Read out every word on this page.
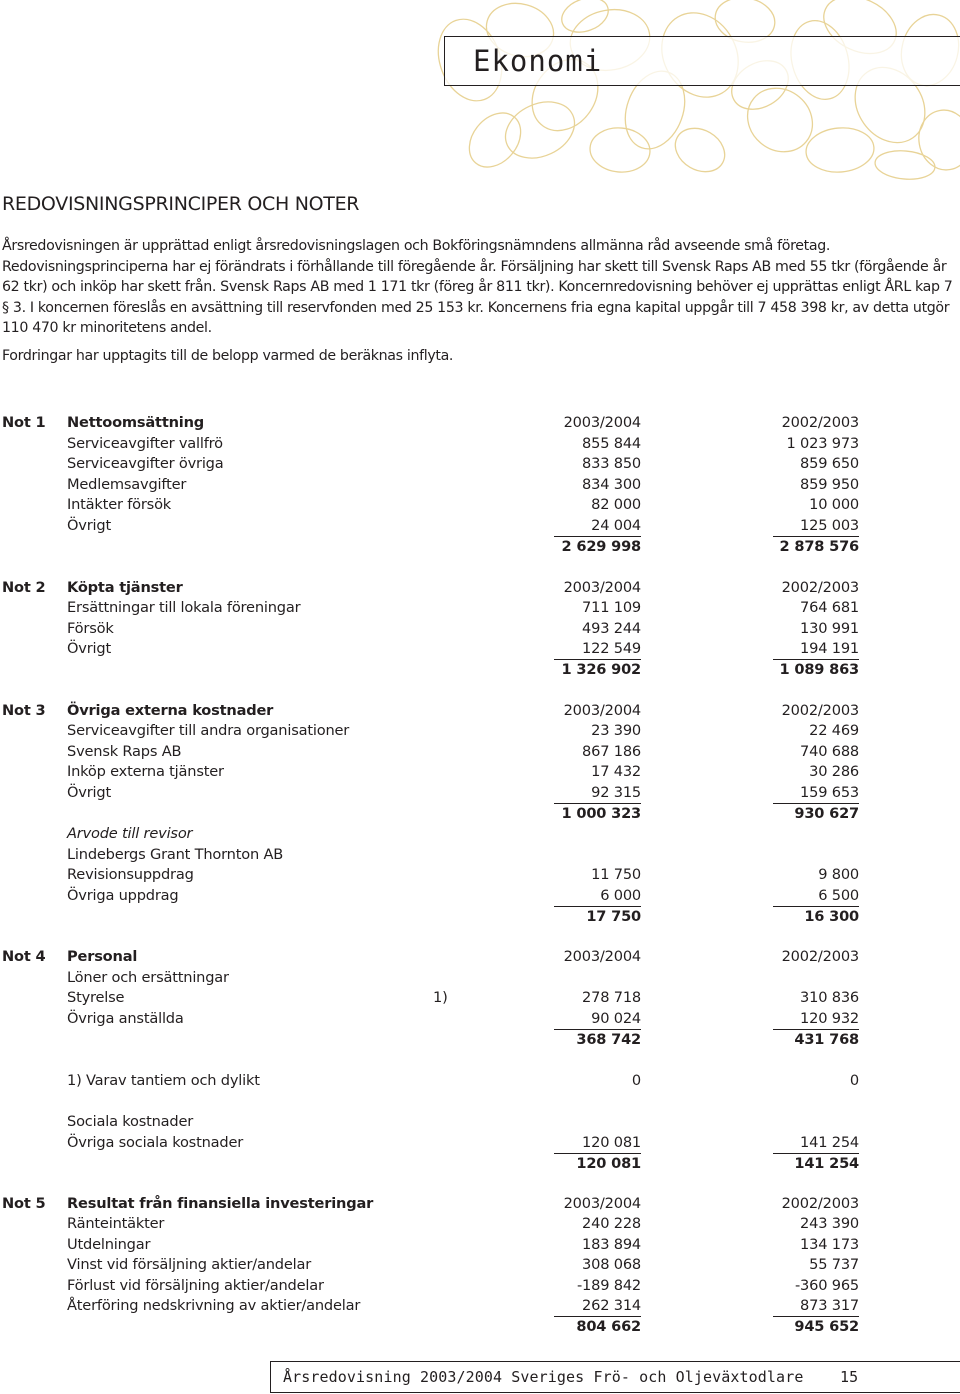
Ekonomi
REDOVISNINGSPRINCIPER OCH NOTER

Årsredovisningen är upprättad enligt årsredovisningslagen och Bokföringsnämndens allmänna råd avseende små företag. Redovisningsprinciperna har ej förändrats i förhållande till föregående år. Försäljning har skett till Svensk Raps AB med 55 tkr (förgående år 62 tkr) och inköp har skett från. Svensk Raps AB med 1 171 tkr (föreg år 811 tkr). Koncernredovisning behöver ej upprättas enligt ÅRL kap 7 § 3. I koncernen föreslås en avsättning till reservfonden med 25 153 kr. Koncernens fria egna kapital uppgår till 7 458 398 kr, av detta utgör 110 470 kr minoritetens andel.

Fordringar har upptagits till de belopp varmed de beräknas inflyta.

Not 1 Nettoomsättning	2003/2004	2002/2003
Serviceavgifter vallfrö	855 844	1 023 973
Serviceavgifter övriga	833 850	859 650
Medlemsavgifter	834 300	859 950
Intäkter försök	82 000	10 000
Övrigt	24 004	125 003
2 629 998	2 878 576
Not 2 Köpta tjänster	2003/2004	2002/2003
Ersättningar till lokala föreningar	711 109	764 681
Försök	493 244	130 991
Övrigt	122 549	194 191
1 326 902	1 089 863
Not 3 Övriga externa kostnader	2003/2004	2002/2003
Serviceavgifter till andra organisationer	23 390	22 469
Svensk Raps AB	867 186	740 688
Inköp externa tjänster	17 432	30 286
Övrigt	92 315	159 653
1 000 323	930 627
Arvode till revisor
Lindebergs Grant Thornton AB
Revisionsuppdrag	11 750	9 800
Övriga uppdrag	6 000	6 500
17 750	16 300
Not 4 Personal	2003/2004	2002/2003
Löner och ersättningar
Styrelse	1)	278 718	310 836
Övriga anställda	90 024	120 932
368 742	431 768
1) Varav tantiem och dylikt	0	0
Sociala kostnader
Övriga sociala kostnader	120 081	141 254
120 081	141 254
Not 5 Resultat från finansiella investeringar	2003/2004	2002/2003
Ränteintäkter	240 228	243 390
Utdelningar	183 894	134 173
Vinst vid försäljning aktier/andelar	308 068	55 737
Förlust vid försäljning aktier/andelar	-189 842	-360 965
Återföring nedskrivning av aktier/andelar	262 314	873 317
804 662	945 652
Årsredovisning 2003/2004 Sveriges Frö- och Oljeväxtodlare 15
